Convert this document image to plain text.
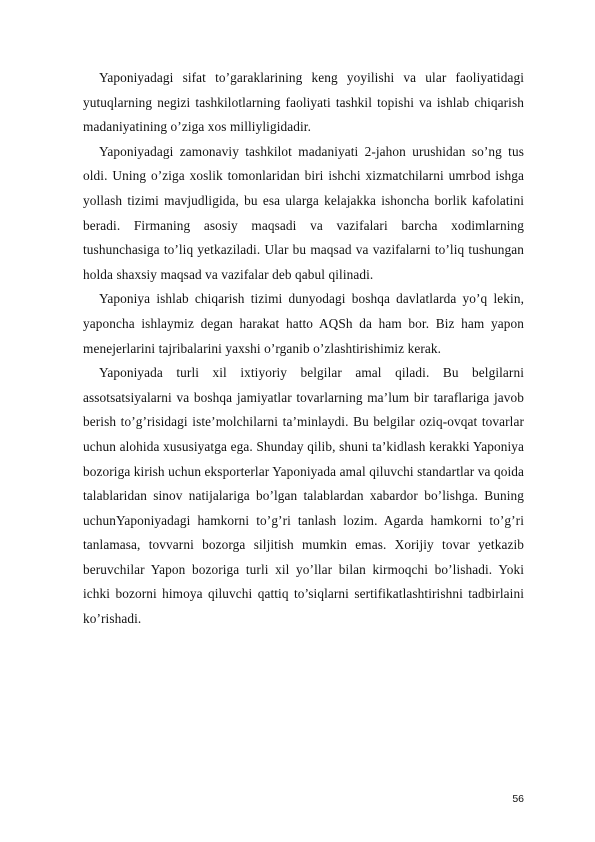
Yaponiyadagi sifat to’garaklarining keng yoyilishi va ular faoliyatidagi yutuqlarning negizi tashkilotlarning faoliyati tashkil topishi va ishlab chiqarish madaniyatining o’ziga xos milliyligidadir.

Yaponiyadagi zamonaviy tashkilot madaniyati 2-jahon urushidan so’ng tus oldi. Uning o’ziga xoslik tomonlaridan biri ishchi xizmatchilarni umrbod ishga yollash tizimi mavjudligida, bu esa ularga kelajakka ishoncha borlik kafolatini beradi. Firmaning asosiy maqsadi va vazifalari barcha xodimlarning tushunchasiga to’liq yetkaziladi. Ular bu maqsad va vazifalarni to’liq tushungan holda shaxsiy maqsad va vazifalar deb qabul qilinadi.

Yaponiya ishlab chiqarish tizimi dunyodagi boshqa davlatlarda yo’q lekin, yaponcha ishlaymiz degan harakat hatto AQSh da ham bor. Biz ham yapon menejerlarini tajribalarini yaxshi o’rganib o’zlashtirishimiz kerak.

Yaponiyada turli xil ixtiyoriy belgilar amal qiladi. Bu belgilarni assotsatsiyalarni va boshqa jamiyatlar tovarlarning ma’lum bir taraflariga javob berish to’g’risidagi iste’molchilarni ta’minlaydi. Bu belgilar oziq-ovqat tovarlar uchun alohida xususiyatga ega. Shunday qilib, shuni ta’kidlash kerakki Yaponiya bozoriga kirish uchun eksporterlar Yaponiyada amal qiluvchi standartlar va qoida talablaridan sinov natijalariga bo’lgan talablardan xabardor bo’lishga. Buning uchunYaponiyadagi hamkorni to’g’ri tanlash lozim. Agarda hamkorni to’g’ri tanlamasa, tovvarni bozorga siljitish mumkin emas. Xorijiy tovar yetkazib beruvchilar Yapon bozoriga turli xil yo’llar bilan kirmoqchi bo’lishadi. Yoki ichki bozorni himoya qiluvchi qattiq to’siqlarni sertifikatlashtirishni tadbirlaini ko’rishadi.

56
